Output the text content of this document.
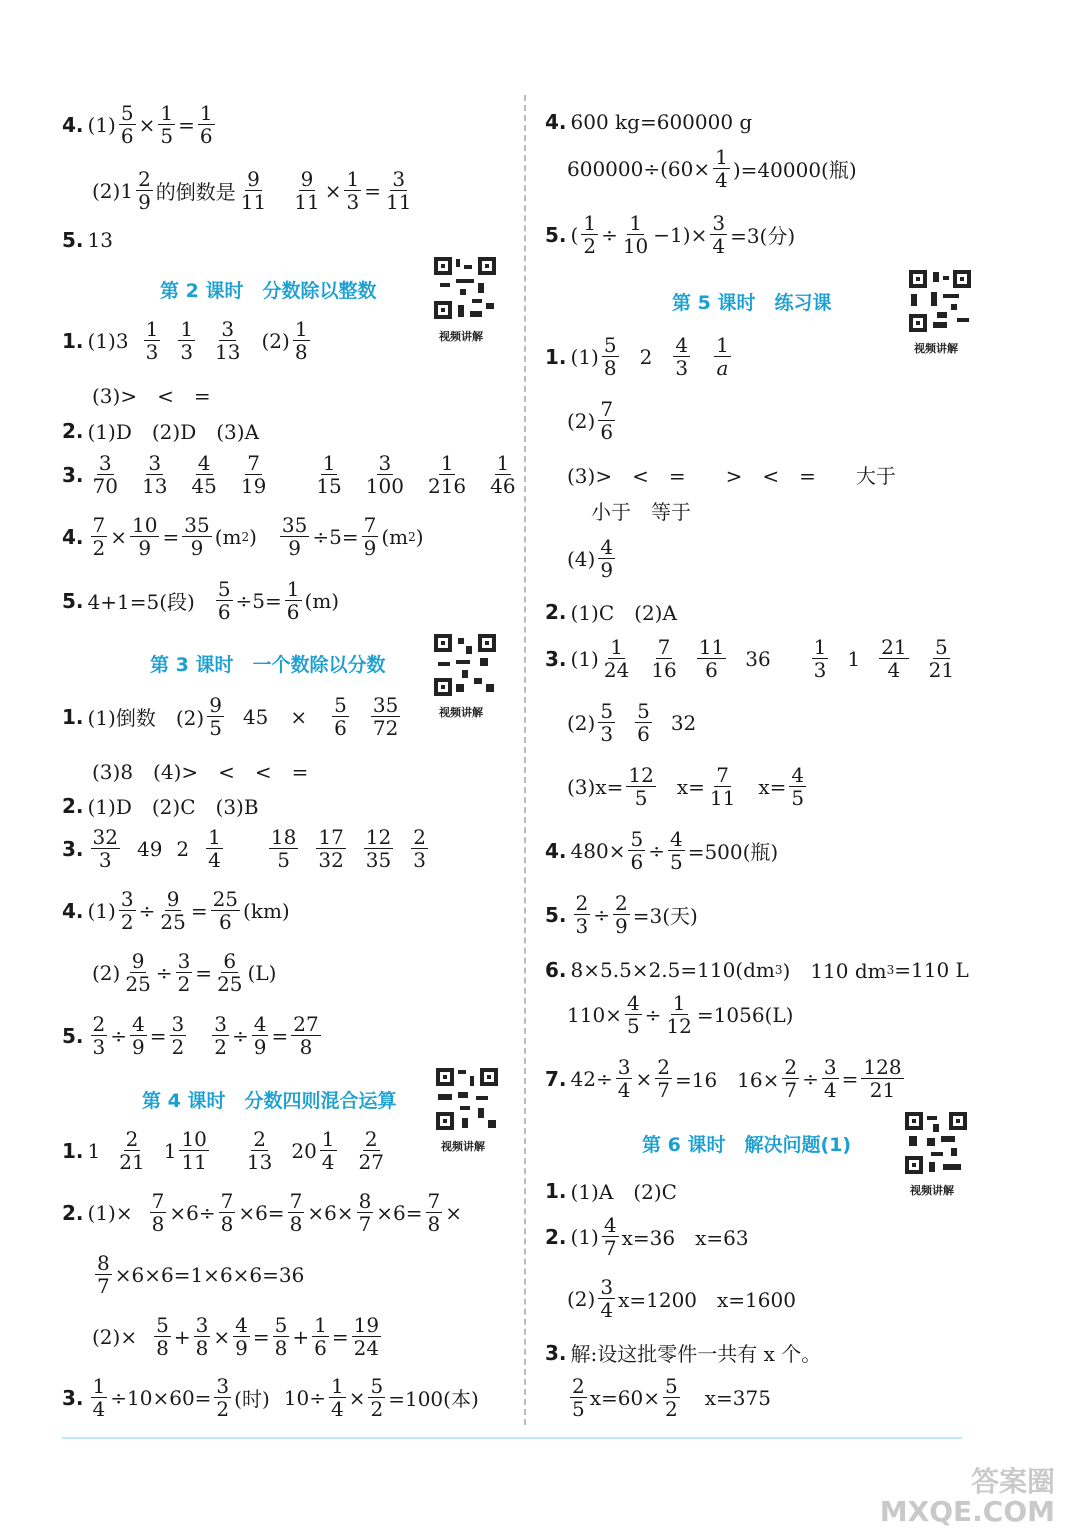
4. $(1) \frac{5}{6} \times \frac{1}{5} = \frac{1}{6}$
(2)1 2
9 的倒数是
9
$11 \frac{9}{11} \times \frac{1}{3} = \frac{3}{11}$
5. 13
第 2 课时　分数除以整数
视频讲解
1. (1)3 1
3
1
3
3
13 (2) 1
8
(3)>　<　=
2. (1)D　(2)D　(3)A
3. 3
70
3
13
4
45
7
19
1
15
3
100
1
216
1
46
4. $\frac{7}{2} \times \frac{10}{9} = \frac{35}{9} (m$ 2 ) $\frac{35}{9} \div 5= \frac{7}{9} (m$ 2 )
5. 4+1=5(段) $\frac{5}{6} \div 5= \frac{1}{6} (m)$
第 3 课时　一个数除以分数
视频讲解
1. (1)倒数　(2)
9
5 45 × 5
6
35
72
(3)8　(4)>　<　<　=
2. (1)D　(2)C　(3)B
3. 32
3 49 2 1
4
18
5
17
32
12
35
2
3
4. $(1) \frac{3}{2} \div \frac{9}{25} = \frac{25}{6} (km)$
$(2) \frac{9}{25} \div \frac{3}{2} = \frac{6}{25} (L)$
5. $\frac{2}{3} \div \frac{4}{9} = \frac{3}{2} \frac{3}{2} \div \frac{4}{9} = \frac{27}{8}$
第 4 课时　分数四则混合运算
视频讲解
1. 1 2
21 1 10
11
2
13 20 1
4
2
27
2. $(1)\times \frac{7}{8} \times 6\div \frac{7}{8} \times 6= \frac{7}{8} \times 6\times \frac{8}{7} \times 6= \frac{7}{8}$ ×
$\frac{8}{7} \times 6\times 6=1\times 6\times 6=36$
(2)× 5
$8 + \frac{3}{8} \times \frac{4}{9} = \frac{5}{8} + \frac{1}{6} = \frac{19}{24}$
3. $\frac{1}{4} \div 10\times 60= \frac{3}{2}$ (时) $10\div \frac{1}{4} \times \frac{5}{2} =100$(本)
4. 600 kg=600000 g
$600000\div (60\times \frac{1}{4} )=40000$(瓶)
5. ( $\frac{1}{2} \div \frac{1}{10} -1)\times \frac{3}{4} =3$(分)
第 5 课时　练习课
视频讲解
1. (1) 5
8 2 4
3
1
a
(2) 7
6
(3)>　<　=　　>　<　=　　大于
小于　等于
(4) 4
9
2. (1)C　(2)A
3. (1) 1
24
7
16
11
6 36 1
3 1 21
4
5
21
(2) 5
3
5
6 32
$(3)x= \frac{12}{5} x= \frac{7}{11} x= \frac{4}{5}$
4. $480\times \frac{5}{6} \div \frac{4}{5} =500$(瓶)
5. $\frac{2}{3} \div \frac{2}{9} =3$(天)
6. 8×5.5×2.5=110(dm 3 )　110 dm 3 =110 L
$110\times \frac{4}{5} \div \frac{1}{12} =1056(L)$
7. $42\div \frac{3}{4} \times \frac{2}{7} =16$　$16\times \frac{2}{7} \div \frac{3}{4} = \frac{128}{21}$
第 6 课时　解决问题(1)
视频讲解
1. (1)A　(2)C
2. (1) 4
7 x=36　x=63
(2) 3
4 x=1200　x=1600
3. 解:设这批零件一共有 x 个。
2
5 $x=60\times \frac{5}{2} x=375$
答案圈
MXQE.COM
